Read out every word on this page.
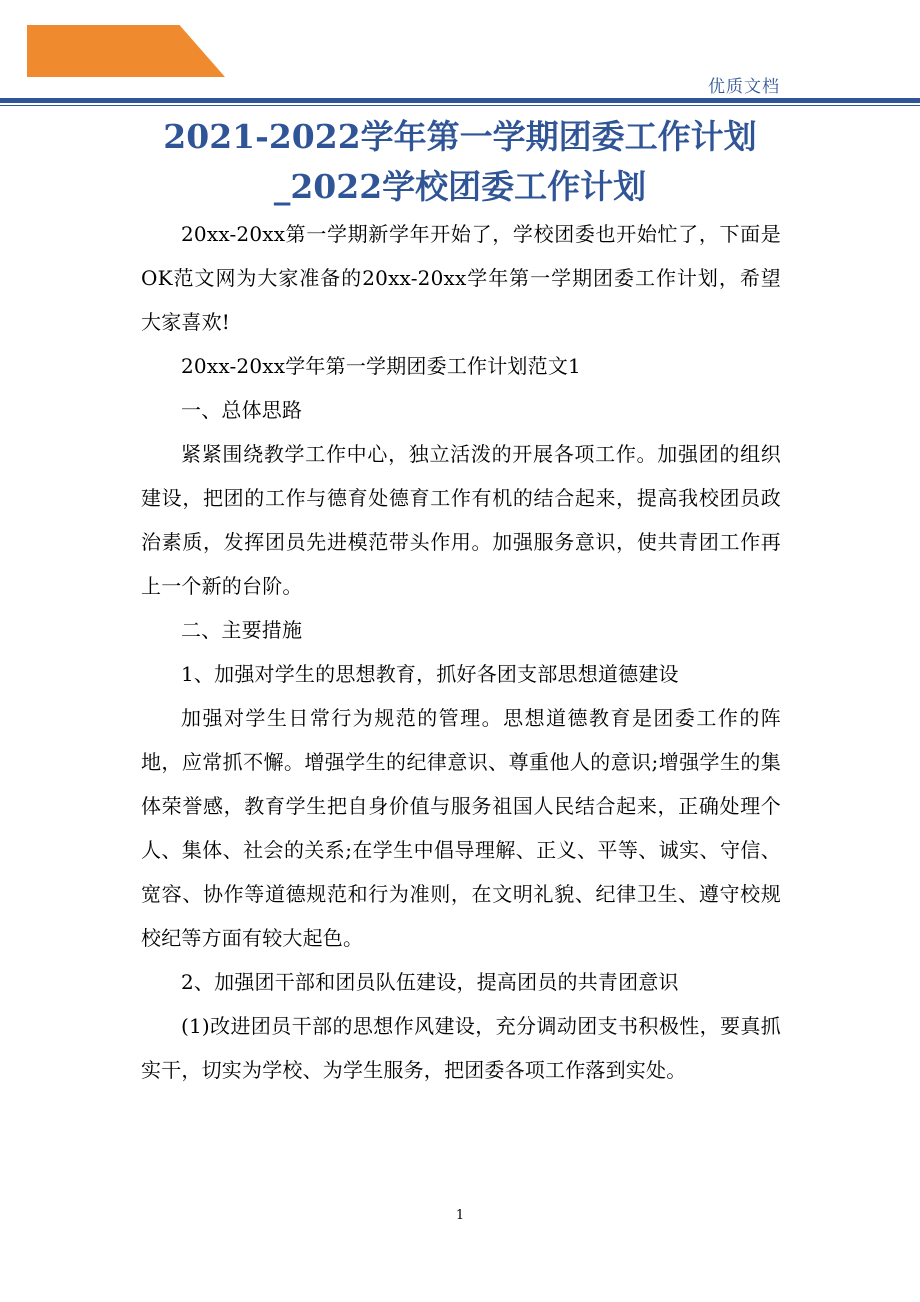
优质文档
2021-2022学年第一学期团委工作计划
_2022学校团委工作计划

20xx-20xx第一学期新学年开始了，学校团委也开始忙了，下面是OK范文网为大家准备的20xx-20xx学年第一学期团委工作计划，希望大家喜欢!

20xx-20xx学年第一学期团委工作计划范文1

一、总体思路

紧紧围绕教学工作中心，独立活泼的开展各项工作。加强团的组织建设，把团的工作与德育处德育工作有机的结合起来，提高我校团员政治素质，发挥团员先进模范带头作用。加强服务意识，使共青团工作再上一个新的台阶。

二、主要措施

1、加强对学生的思想教育，抓好各团支部思想道德建设

加强对学生日常行为规范的管理。思想道德教育是团委工作的阵地，应常抓不懈。增强学生的纪律意识、尊重他人的意识;增强学生的集体荣誉感，教育学生把自身价值与服务祖国人民结合起来，正确处理个人、集体、社会的关系;在学生中倡导理解、正义、平等、诚实、守信、宽容、协作等道德规范和行为准则，在文明礼貌、纪律卫生、遵守校规校纪等方面有较大起色。

2、加强团干部和团员队伍建设，提高团员的共青团意识

(1)改进团员干部的思想作风建设，充分调动团支书积极性，要真抓实干，切实为学校、为学生服务，把团委各项工作落到实处。

1
